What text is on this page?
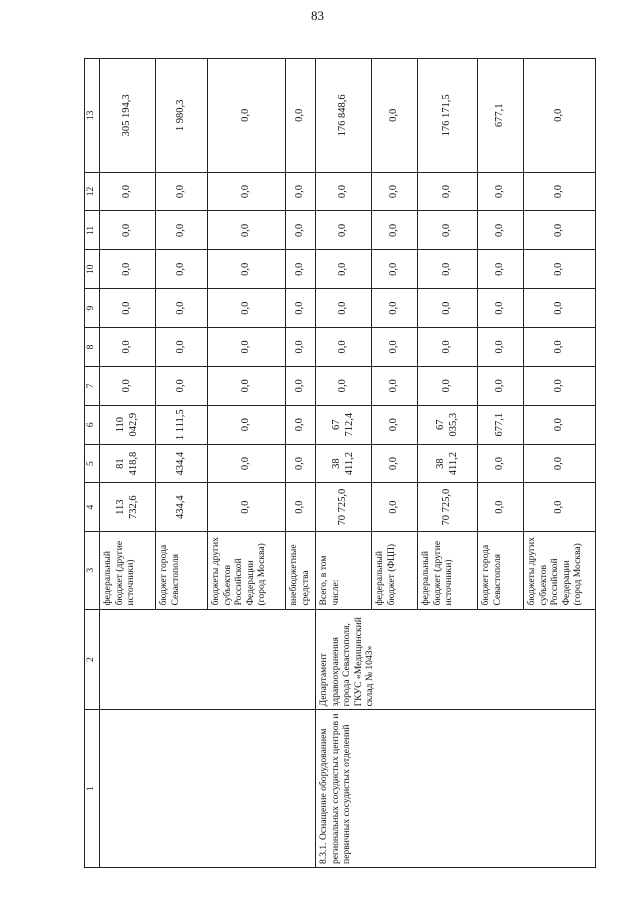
83
1	2	3	4	5	6	7	8	9	10	11	12	13
		федеральный бюджет (другие источники)	113 732,6	81 418,8	110 042,9	0,0	0,0	0,0	0,0	0,0	0,0	305 194,3
		бюджет города Севастополя	434,4	434,4	1 111,5	0,0	0,0	0,0	0,0	0,0	0,0	1 980,3
		бюджеты других субъектов Российской Федерации (город Москва)	0,0	0,0	0,0	0,0	0,0	0,0	0,0	0,0	0,0	0,0
		внебюджетные средства	0,0	0,0	0,0	0,0	0,0	0,0	0,0	0,0	0,0	0,0
8.3.1. Оснащение оборудованием региональных сосудистых центров и первичных сосудистых отделений	Департамент здравоохранения города Севастополя, ГКУС «Медицинский склад № 1043»	Всего, в том числе:	70 725,0	38 411,2	67 712,4	0,0	0,0	0,0	0,0	0,0	0,0	176 848,6
		федеральный бюджет (ФЦП)	0,0	0,0	0,0	0,0	0,0	0,0	0,0	0,0	0,0	0,0
		федеральный бюджет (другие источники)	70 725,0	38 411,2	67 035,3	0,0	0,0	0,0	0,0	0,0	0,0	176 171,5
		бюджет города Севастополя	0,0	0,0	677,1	0,0	0,0	0,0	0,0	0,0	0,0	677,1
		бюджеты других субъектов Российской Федерации (город Москва)	0,0	0,0	0,0	0,0	0,0	0,0	0,0	0,0	0,0	0,0
